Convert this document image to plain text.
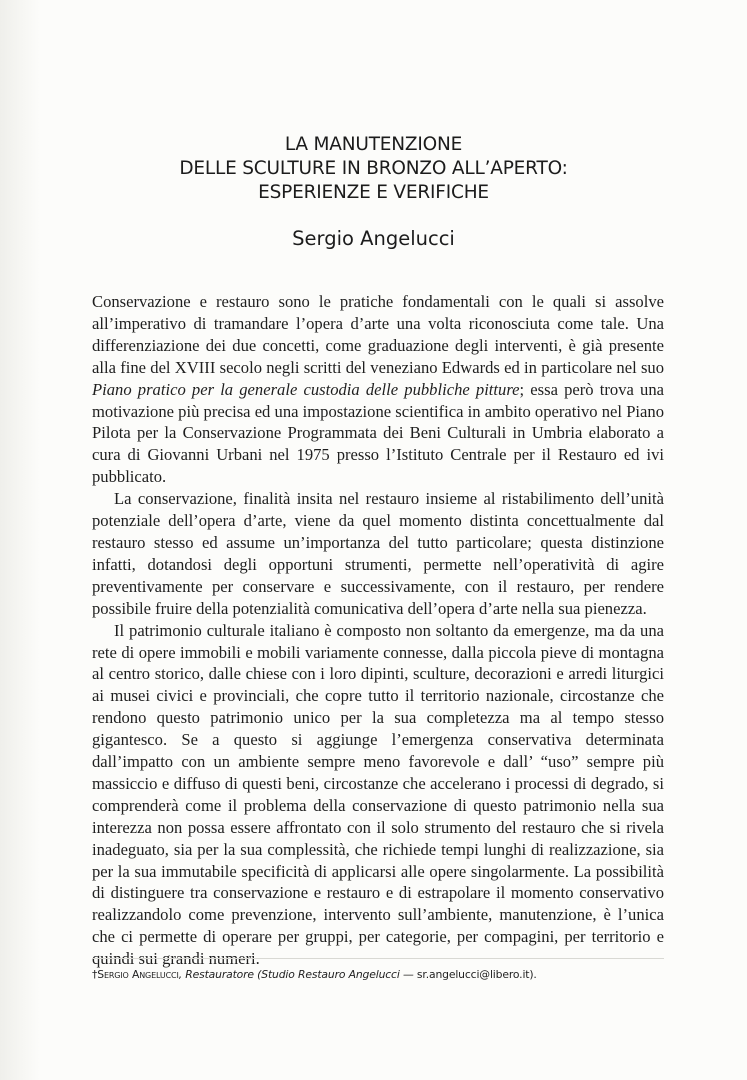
LA MANUTENZIONE
DELLE SCULTURE IN BRONZO ALL’APERTO:
ESPERIENZE E VERIFICHE
Sergio Angelucci

Conservazione e restauro sono le pratiche fondamentali con le quali si assolve all’imperativo di tramandare l’opera d’arte una volta riconosciuta come tale. Una differenziazione dei due concetti, come graduazione degli interventi, è già presente alla fine del XVIII secolo negli scritti del veneziano Edwards ed in particolare nel suo Piano pratico per la generale custodia delle pubbliche pitture; essa però trova una motivazione più precisa ed una impostazione scientifica in ambito operativo nel Piano Pilota per la Conservazione Programmata dei Beni Culturali in Umbria elaborato a cura di Giovanni Urbani nel 1975 presso l’Istituto Centrale per il Restauro ed ivi pubblicato.

La conservazione, finalità insita nel restauro insieme al ristabilimento dell’unità potenziale dell’opera d’arte, viene da quel momento distinta concettualmente dal restauro stesso ed assume un’importanza del tutto particolare; questa distinzione infatti, dotandosi degli opportuni strumenti, permette nell’operatività di agire preventivamente per conservare e successivamente, con il restauro, per rendere possibile fruire della potenzialità comunicativa dell’opera d’arte nella sua pienezza.

Il patrimonio culturale italiano è composto non soltanto da emergenze, ma da una rete di opere immobili e mobili variamente connesse, dalla piccola pieve di montagna al centro storico, dalle chiese con i loro dipinti, sculture, decorazioni e arredi liturgici ai musei civici e provinciali, che copre tutto il territorio nazionale, circostanze che rendono questo patrimonio unico per la sua completezza ma al tempo stesso gigantesco. Se a questo si aggiunge l’emergenza conservativa determinata dall’impatto con un ambiente sempre meno favorevole e dall’ “uso” sempre più massiccio e diffuso di questi beni, circostanze che accelerano i processi di degrado, si comprenderà come il problema della conservazione di questo patrimonio nella sua interezza non possa essere affrontato con il solo strumento del restauro che si rivela inadeguato, sia per la sua complessità, che richiede tempi lunghi di realizzazione, sia per la sua immutabile specificità di applicarsi alle opere singolarmente. La possibilità di distinguere tra conservazione e restauro e di estrapolare il momento conservativo realizzandolo come prevenzione, intervento sull’ambiente, manutenzione, è l’unica che ci permette di operare per gruppi, per categorie, per compagini, per territorio e quindi sui grandi numeri.

†Sergio Angelucci, Restauratore (Studio Restauro Angelucci — sr.angelucci@libero.it).
